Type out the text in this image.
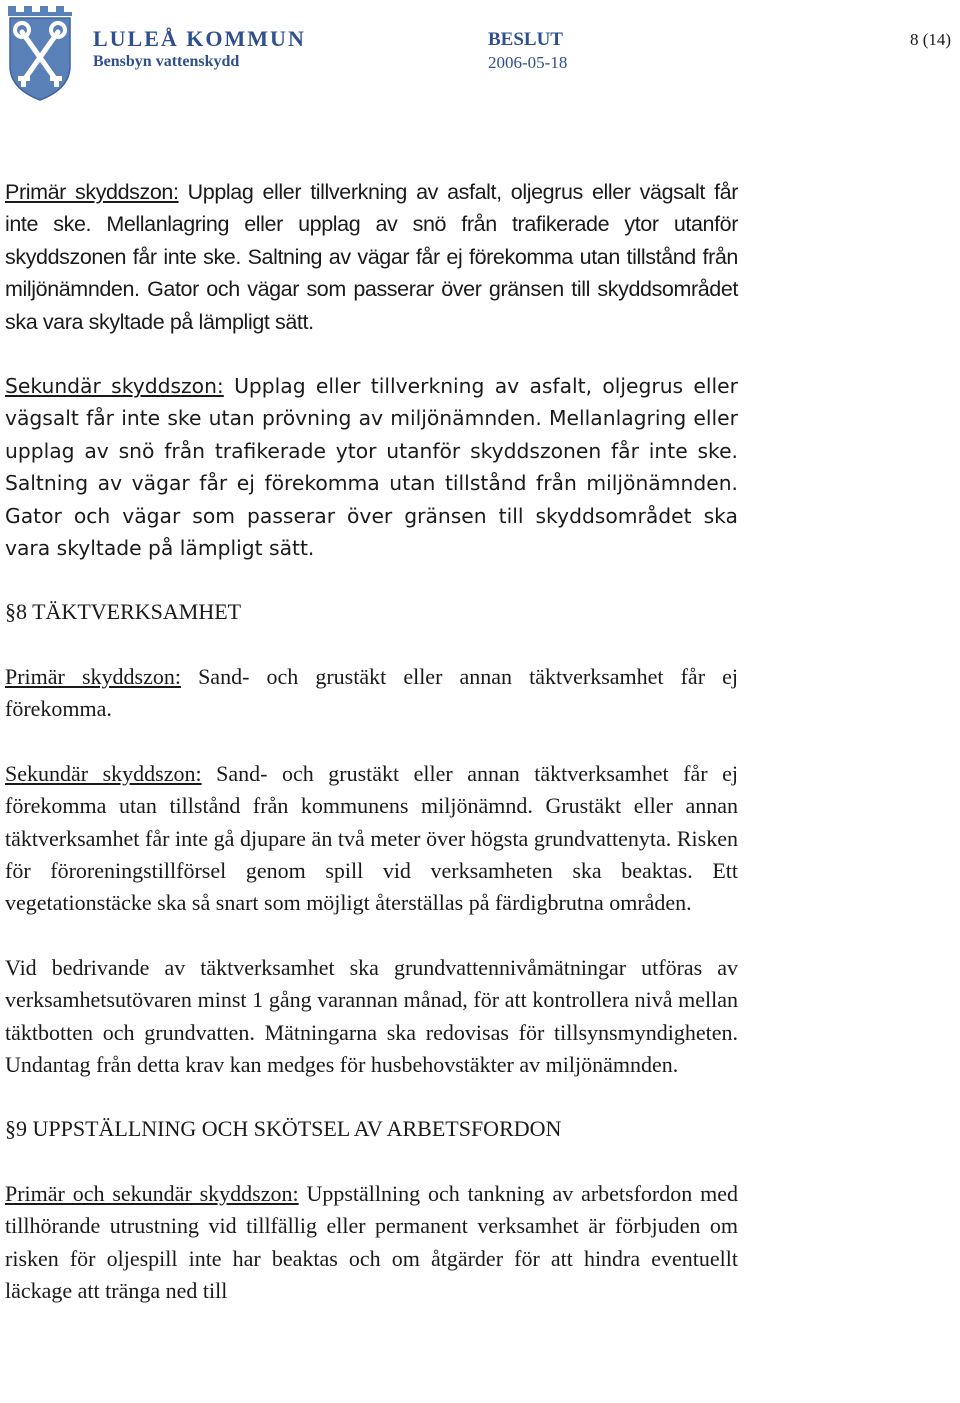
LULEÅ KOMMUN
Bensbyn vattenskydd
BESLUT
2006-05-18
8 (14)

Primär skyddszon: Upplag eller tillverkning av asfalt, oljegrus eller vägsalt får inte ske. Mellanlagring eller upplag av snö från trafikerade ytor utanför skyddszonen får inte ske. Saltning av vägar får ej förekomma utan tillstånd från miljönämnden. Gator och vägar som passerar över gränsen till skyddsområdet ska vara skyltade på lämpligt sätt.

Sekundär skyddszon: Upplag eller tillverkning av asfalt, oljegrus eller vägsalt får inte ske utan prövning av miljönämnden. Mellanlagring eller upplag av snö från trafikerade ytor utanför skyddszonen får inte ske. Saltning av vägar får ej förekomma utan tillstånd från miljönämnden. Gator och vägar som passerar över gränsen till skyddsområdet ska vara skyltade på lämpligt sätt.

§8 TÄKTVERKSAMHET

Primär skyddszon: Sand- och grustäkt eller annan täktverksamhet får ej förekomma.

Sekundär skyddszon: Sand- och grustäkt eller annan täktverksamhet får ej förekomma utan tillstånd från kommunens miljönämnd. Grustäkt eller annan täktverksamhet får inte gå djupare än två meter över högsta grundvattenyta. Risken för föroreningstillförsel genom spill vid verksamheten ska beaktas. Ett vegetationstäcke ska så snart som möjligt återställas på färdigbrutna områden.

Vid bedrivande av täktverksamhet ska grundvattennivåmätningar utföras av verksamhetsutövaren minst 1 gång varannan månad, för att kontrollera nivå mellan täktbotten och grundvatten. Mätningarna ska redovisas för tillsynsmyndigheten. Undantag från detta krav kan medges för husbehovstäkter av miljönämnden.

§9 UPPSTÄLLNING OCH SKÖTSEL AV ARBETSFORDON

Primär och sekundär skyddszon: Uppställning och tankning av arbetsfordon med tillhörande utrustning vid tillfällig eller permanent verksamhet är förbjuden om risken för oljespill inte har beaktas och om åtgärder för att hindra eventuellt läckage att tränga ned till
